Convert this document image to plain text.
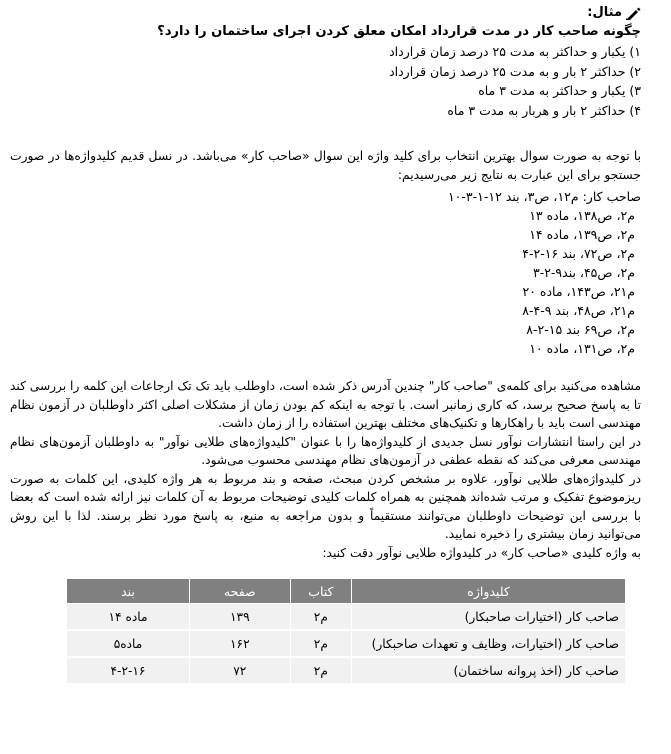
مثال:

چگونه صاحب کار در مدت قرارداد امکان معلق کردن اجرای ساختمان را دارد؟

۱) یکبار و حداکثر به مدت ۲۵ درصد زمان قرارداد
۲) حداکثر ۲ بار و به مدت ۲۵ درصد زمان قرارداد
۳) یکبار و حداکثر به مدت ۳ ماه
۴) حداکثر ۲ بار و هربار به مدت ۳ ماه

با توجه به صورت سوال بهترین انتخاب برای کلید واژه این سوال «صاحب کار» می‌باشد. در نسل قدیم کلیدواژه‌ها در صورت جستجو برای این عبارت به نتایج زیر می‌رسیدیم:

صاحب کار: م۱۲، ص۳، بند ۱۲-۱-۳-۱۰
م۲، ص۱۳۸، ماده ۱۳
م۲، ص۱۳۹، ماده ۱۴
م۲، ص۷۲، بند ۱۶-۲-۴
م۲، ص۴۵، بند۹-۲-۳
م۲۱، ص۱۴۳، ماده ۲۰
م۲۱، ص۴۸، بند ۹-۴-۸
م۲، ص۶۹ بند ۱۵-۲-۸
م۲، ص۱۳۱، ماده ۱۰

مشاهده می‌کنید برای کلمه‌ی "صاحب کار" چندین آدرس ذکر شده است، داوطلب باید تک تک ارجاعات این کلمه را بررسی کند تا به پاسخ صحیح برسد، که کاری زمانبر است. با توجه به اینکه کم بودن زمان از مشکلات اصلی اکثر داوطلبان در آزمون نظام مهندسی است باید با راهکارها و تکنیک‌های مختلف بهترین استفاده را از زمان داشت.

در این راستا انتشارات نوآور نسل جدیدی از کلیدواژه‌ها را با عنوان "کلیدواژه‌های طلایی نوآور" به داوطلبان آزمون‌های نظام مهندسی معرفی می‌کند که نقطه عطفی در آزمون‌های نظام مهندسی محسوب می‌شود.

در کلیدواژه‌های طلایی نوآور، علاوه بر مشخص کردن مبحث، صفحه و بند مربوط به هر واژه کلیدی، این کلمات به صورت ریزموضوع تفکیک و مرتب شده‌اند همچنین به همراه کلمات کلیدی توضیحات مربوط به آن کلمات نیز ارائه شده است که بعضا با بررسی این توضیحات داوطلبان می‌توانند مستقیماً و بدون مراجعه به منبع، به پاسخ مورد نظر برسند. لذا با این روش می‌توانید زمان بیشتری را ذخیره نمایید.

به واژه کلیدی «صاحب کار» در کلیدواژه طلایی نوآور دقت کنید:

کلیدواژه	کتاب	صفحه	بند
صاحب کار (اختیارات صاحبکار)	م۲	۱۳۹	ماده ۱۴
صاحب کار (اختیارات، وظایف و تعهدات صاحبکار)	م۲	۱۶۲	ماده۵
صاحب کار (اخذ پروانه ساختمان)	م۲	۷۲	۴-۲-۱۶
